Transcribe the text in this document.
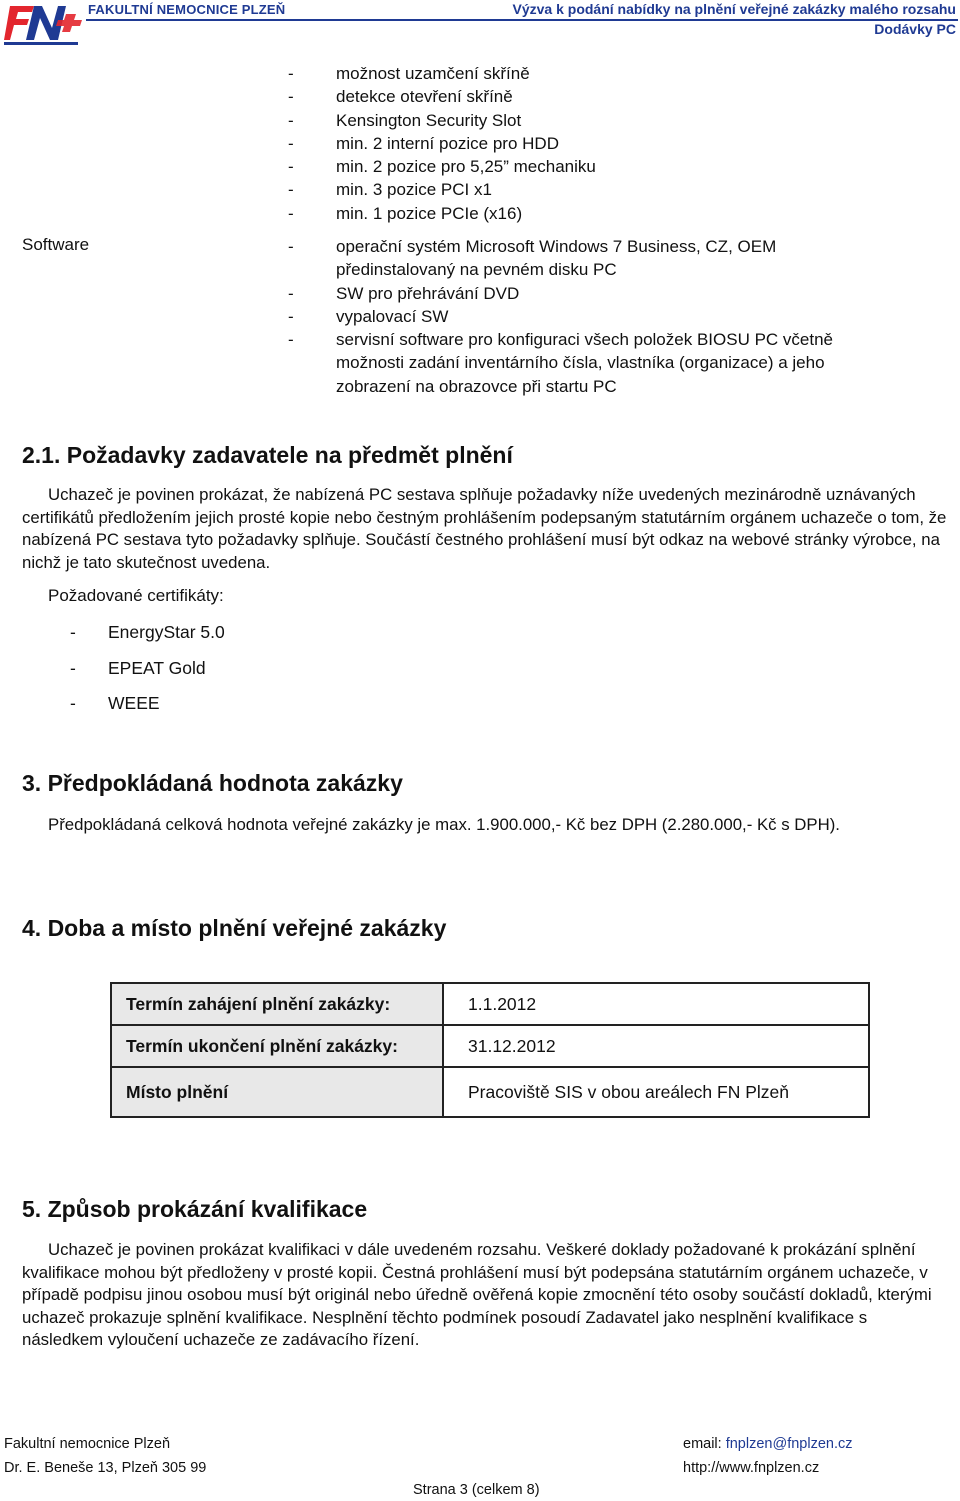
FAKULTNÍ NEMOCNICE PLZEŇ	Výzva k podání nabídky na plnění veřejné zakázky malého rozsahu
Dodávky PC
- možnost uzamčení skříně
- detekce otevření skříně
- Kensington Security Slot
- min. 2 interní pozice pro HDD
- min. 2 pozice pro 5,25” mechaniku
- min. 3 pozice PCI x1
- min. 1 pozice PCIe (x16)
Software	- operační systém Microsoft Windows 7 Business, CZ, OEM
předinstalovaný na pevném disku PC
- SW pro přehrávání DVD
- vypalovací SW
- servisní software pro konfiguraci všech položek BIOSU PC včetně
možnosti zadání inventárního čísla, vlastníka (organizace) a jeho
zobrazení na obrazovce při startu PC
2.1. Požadavky zadavatele na předmět plnění

Uchazeč je povinen prokázat, že nabízená PC sestava splňuje požadavky níže uvedených mezinárodně uznávaných certifikátů předložením jejich prosté kopie nebo čestným prohlášením podepsaným statutárním orgánem uchazeče o tom, že nabízená PC sestava tyto požadavky splňuje. Součástí čestného prohlášení musí být odkaz na webové stránky výrobce, na nichž je tato skutečnost uvedena.

Požadované certifikáty:
- EnergyStar 5.0
- EPEAT Gold
- WEEE
3. Předpokládaná hodnota zakázky

Předpokládaná celková hodnota veřejné zakázky je max. 1.900.000,- Kč bez DPH (2.280.000,- Kč s DPH).

4. Doba a místo plnění veřejné zakázky
Termín zahájení plnění zakázky:	1.1.2012
Termín ukončení plnění zakázky:	31.12.2012
Místo plnění	Pracoviště SIS v obou areálech FN Plzeň
5. Způsob prokázání kvalifikace

Uchazeč je povinen prokázat kvalifikaci v dále uvedeném rozsahu. Veškeré doklady požadované k prokázání splnění kvalifikace mohou být předloženy v prosté kopii. Čestná prohlášení musí být podepsána statutárním orgánem uchazeče, v případě podpisu jinou osobou musí být originál nebo úředně ověřená kopie zmocnění této osoby součástí dokladů, kterými uchazeč prokazuje splnění kvalifikace. Nesplnění těchto podmínek posoudí Zadavatel jako nesplnění kvalifikace s následkem vyloučení uchazeče ze zadávacího řízení.

Fakultní nemocnice Plzeň
Dr. E. Beneše 13, Plzeň 305 99
email: fnplzen@fnplzen.cz
http://www.fnplzen.cz
Strana 3 (celkem 8)
